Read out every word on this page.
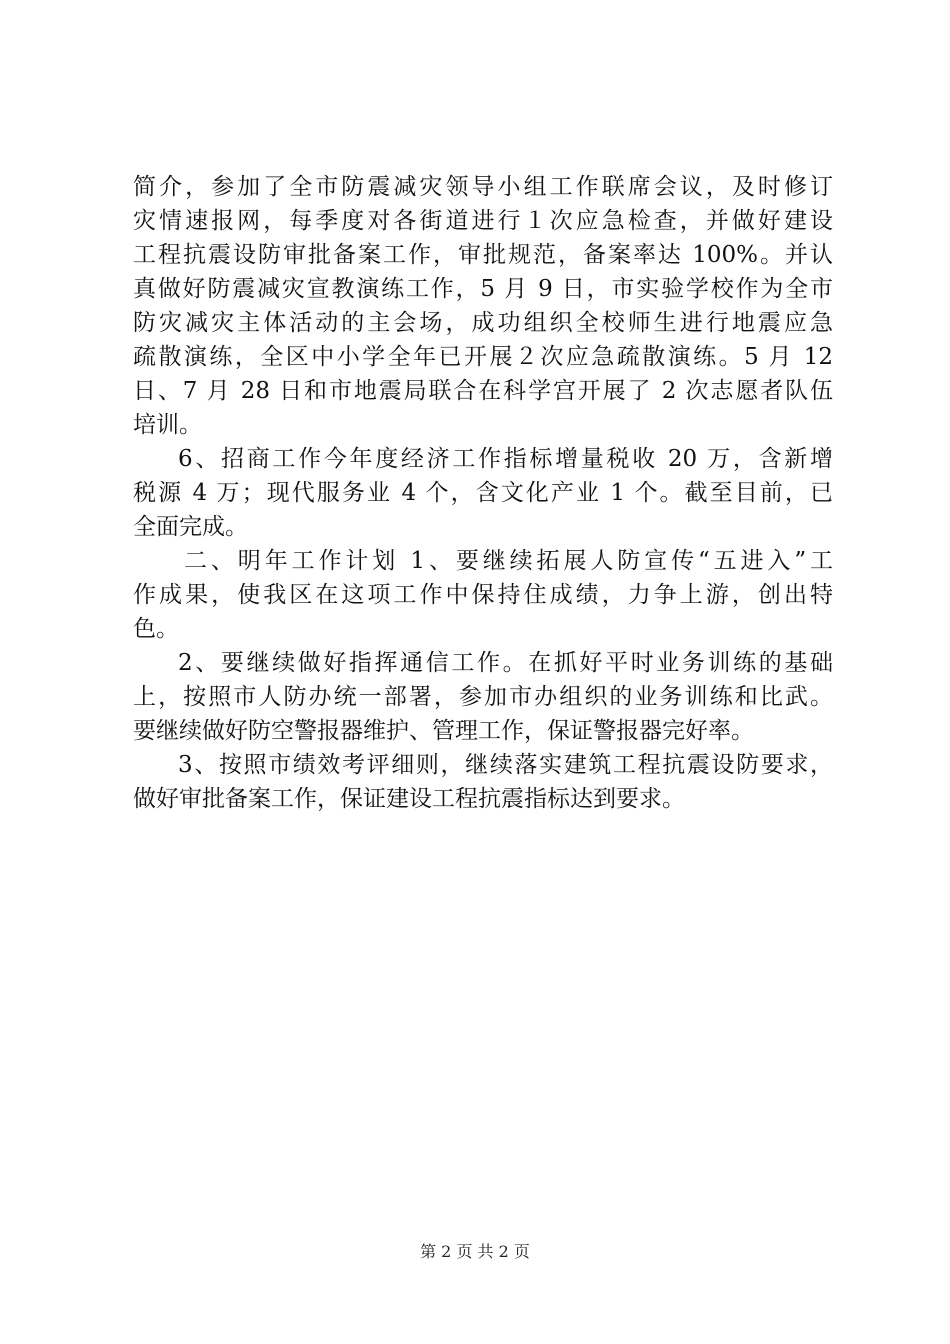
简介，参加了全市防震减灾领导小组工作联席会议，及时修订
灾情速报网，每季度对各街道进行１次应急检查，并做好建设
工程抗震设防审批备案工作，审批规范，备案率达 100%。并认
真做好防震减灾宣教演练工作，5 月 9 日，市实验学校作为全市
防灾减灾主体活动的主会场，成功组织全校师生进行地震应急
疏散演练，全区中小学全年已开展２次应急疏散演练。5 月 12
日、7 月 28 日和市地震局联合在科学宫开展了 2 次志愿者队伍
培训。
6、招商工作今年度经济工作指标增量税收 20 万，含新增
税源 4 万；现代服务业 4 个，含文化产业 1 个。截至目前，已
全面完成。
二、明年工作计划 1、要继续拓展人防宣传“五进入”工
作成果，使我区在这项工作中保持住成绩，力争上游，创出特
色。
2、要继续做好指挥通信工作。在抓好平时业务训练的基础
上，按照市人防办统一部署，参加市办组织的业务训练和比武。
要继续做好防空警报器维护、管理工作，保证警报器完好率。
3、按照市绩效考评细则，继续落实建筑工程抗震设防要求，
做好审批备案工作，保证建设工程抗震指标达到要求。
第 2 页 共 2 页
